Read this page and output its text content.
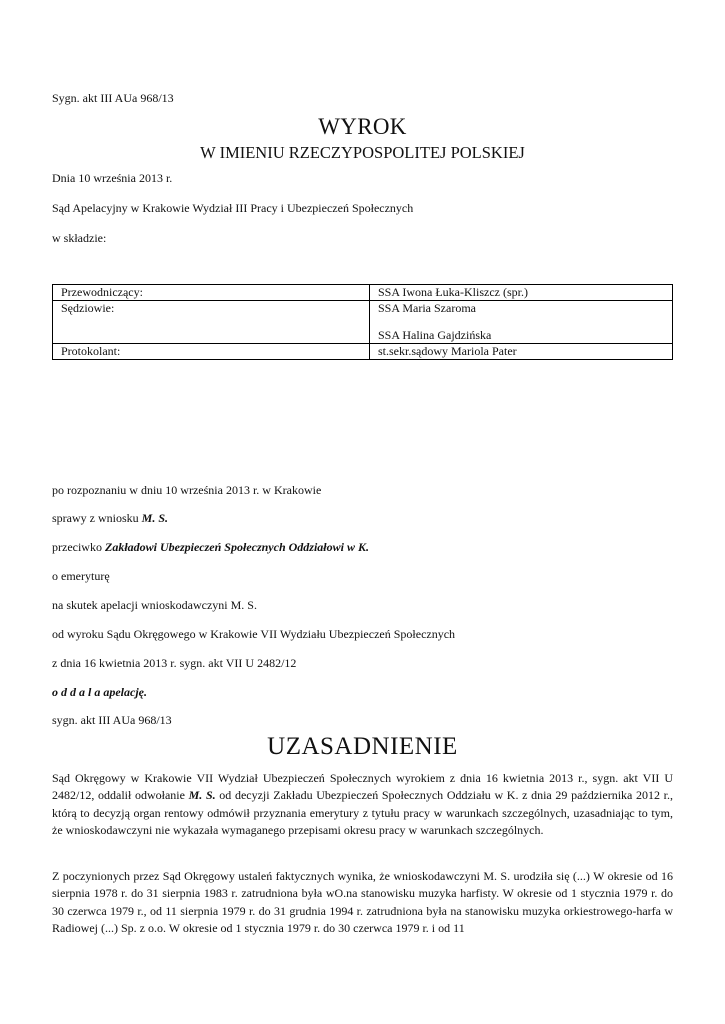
Sygn. akt III AUa 968/13
WYROK
W IMIENIU RZECZYPOSPOLITEJ POLSKIEJ
Dnia 10 września 2013 r.
Sąd Apelacyjny w Krakowie Wydział III Pracy i Ubezpieczeń Społecznych
w składzie:
Przewodniczący:	SSA Iwona Łuka-Kliszcz (spr.)
Sędziowie:	SSA Maria Szaroma
SSA Halina Gajdzińska

Protokolant:	st.sekr.sądowy Mariola Pater
po rozpoznaniu w dniu 10 września 2013 r. w Krakowie
sprawy z wniosku M. S.
przeciwko Zakładowi Ubezpieczeń Społecznych Oddziałowi w K.
o emeryturę
na skutek apelacji wnioskodawczyni M. S.
od wyroku Sądu Okręgowego w Krakowie VII Wydziału Ubezpieczeń Społecznych
z dnia 16 kwietnia 2013 r. sygn. akt VII U 2482/12
o d d a l a apelację.
sygn. akt III AUa 968/13
UZASADNIENIE
Sąd Okręgowy w Krakowie VII Wydział Ubezpieczeń Społecznych wyrokiem z dnia 16 kwietnia 2013 r., sygn. akt VII U 2482/12, oddalił odwołanie M. S. od decyzji Zakładu Ubezpieczeń Społecznych Oddziału w K. z dnia 29 października 2012 r., którą to decyzją organ rentowy odmówił przyznania emerytury z tytułu pracy w warunkach szczególnych, uzasadniając to tym, że wnioskodawczyni nie wykazała wymaganego przepisami okresu pracy w warunkach szczególnych.
Z poczynionych przez Sąd Okręgowy ustaleń faktycznych wynika, że wnioskodawczyni M. S. urodziła się (...) W okresie od 16 sierpnia 1978 r. do 31 sierpnia 1983 r. zatrudniona była wO.na stanowisku muzyka harfisty. W okresie od 1 stycznia 1979 r. do 30 czerwca 1979 r., od 11 sierpnia 1979 r. do 31 grudnia 1994 r. zatrudniona była na stanowisku muzyka orkiestrowego-harfa w Radiowej (...) Sp. z o.o. W okresie od 1 stycznia 1979 r. do 30 czerwca 1979 r. i od 11
